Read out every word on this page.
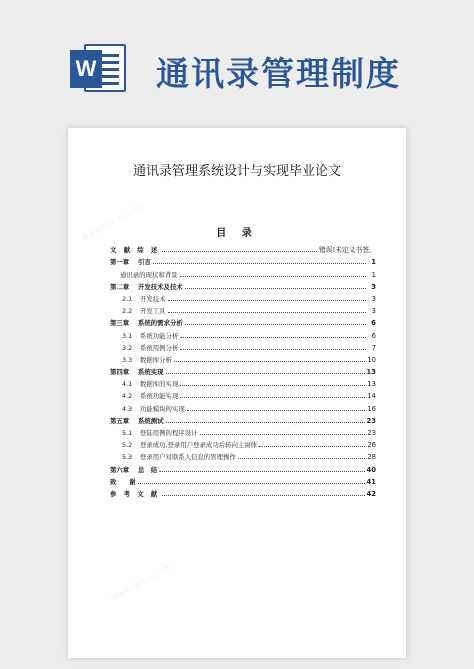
W 通讯录管理制度
www.docx.com
www.docx.com
www.docx.com
通讯录管理系统设计与实现毕业论文
目 录
文 献 综 述	错误!未定义书签。
第一章	引言	1
通讯录的现状和背景	1
第二章	开发技术及技术	3
2.1	开发技术	3
2.2	开发工具	3
第三章	系统的需求分析	6
3.1	系统功能分析	6
3.2	系统用例分析	7
3.3	数据库分析	10
第四章	系统实现	13
4.1	数据库的实现	13
4.2	系统功能实现	14
4.3	功能模块的实现	16
第五章	系统测试	23
5.1	登陆用例的程序设计	23
5.2	登录成功,登录用户登录成功后转向主窗体	26
5.3	登录用户对联系人信息的管理操作	28
第六章	总　结	40
致　　谢	41
参 考 文 献	42
